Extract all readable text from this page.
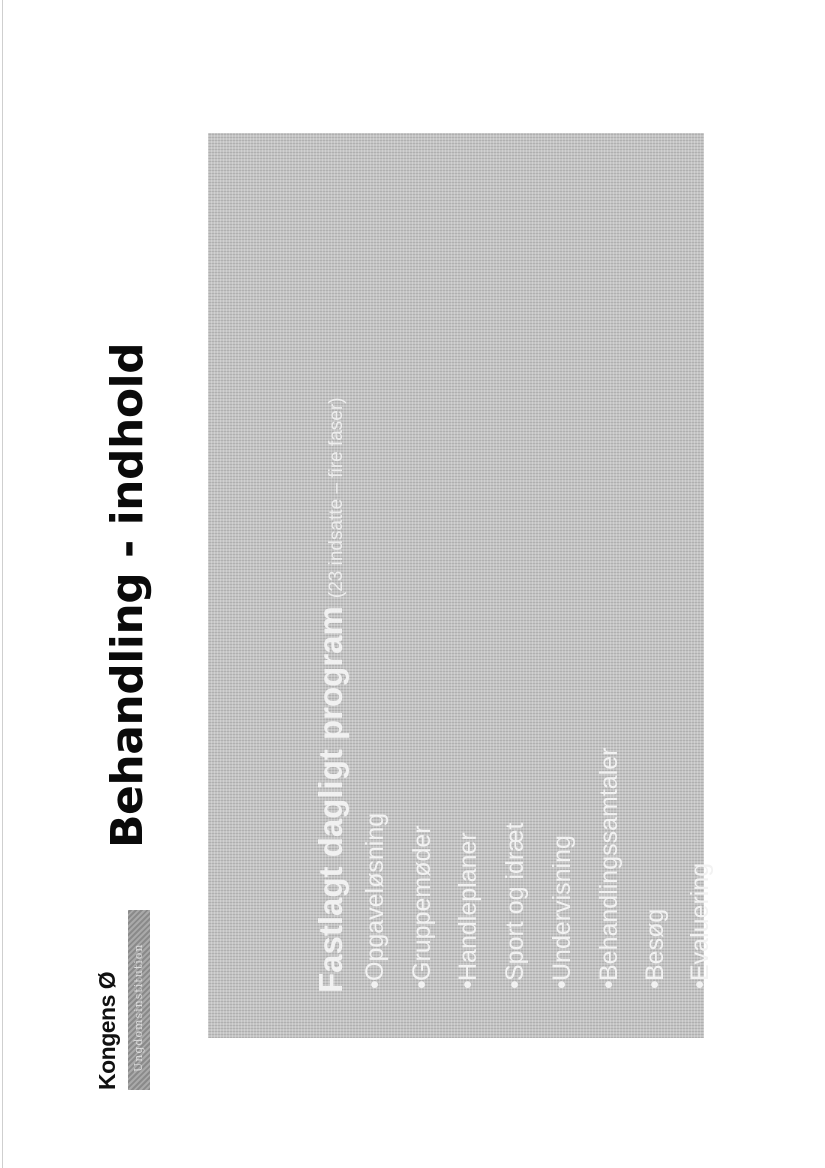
Kongens Ø	Ungdomsinstitution
Behandling - indhold	Fastlagt dagligt program(23 indsatte – fire faser)
•Opgaveløsning
•Gruppemøder
•Handleplaner
•Sport og idræt
•Undervisning
•Behandlingssamtaler
•Besøg
•Evaluering
